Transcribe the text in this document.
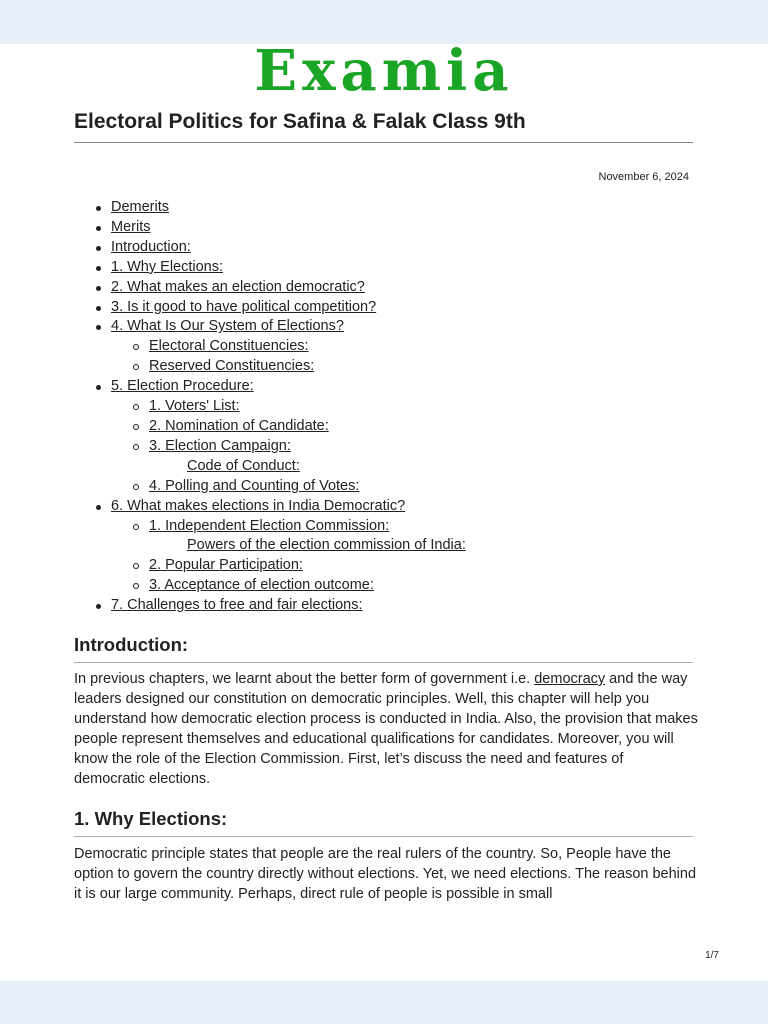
Examia
Electoral Politics for Safina & Falak Class 9th
November 6, 2024
Demerits
Merits
Introduction:
1. Why Elections:
2. What makes an election democratic?
3. Is it good to have political competition?
4. What Is Our System of Elections?
Electoral Constituencies:
Reserved Constituencies:
5. Election Procedure:
1. Voters' List:
2. Nomination of Candidate:
3. Election Campaign:
Code of Conduct:
4. Polling and Counting of Votes:
6. What makes elections in India Democratic?
1. Independent Election Commission:
Powers of the election commission of India:
2. Popular Participation:
3. Acceptance of election outcome:
7. Challenges to free and fair elections:
Introduction:

In previous chapters, we learnt about the better form of government i.e. democracy and the way leaders designed our constitution on democratic principles. Well, this chapter will help you understand how democratic election process is conducted in India. Also, the provision that makes people represent themselves and educational qualifications for candidates. Moreover, you will know the role of the Election Commission. First, let’s discuss the need and features of democratic elections.

1. Why Elections:

Democratic principle states that people are the real rulers of the country. So, People have the option to govern the country directly without elections. Yet, we need elections. The reason behind it is our large community. Perhaps, direct rule of people is possible in small

1/7
